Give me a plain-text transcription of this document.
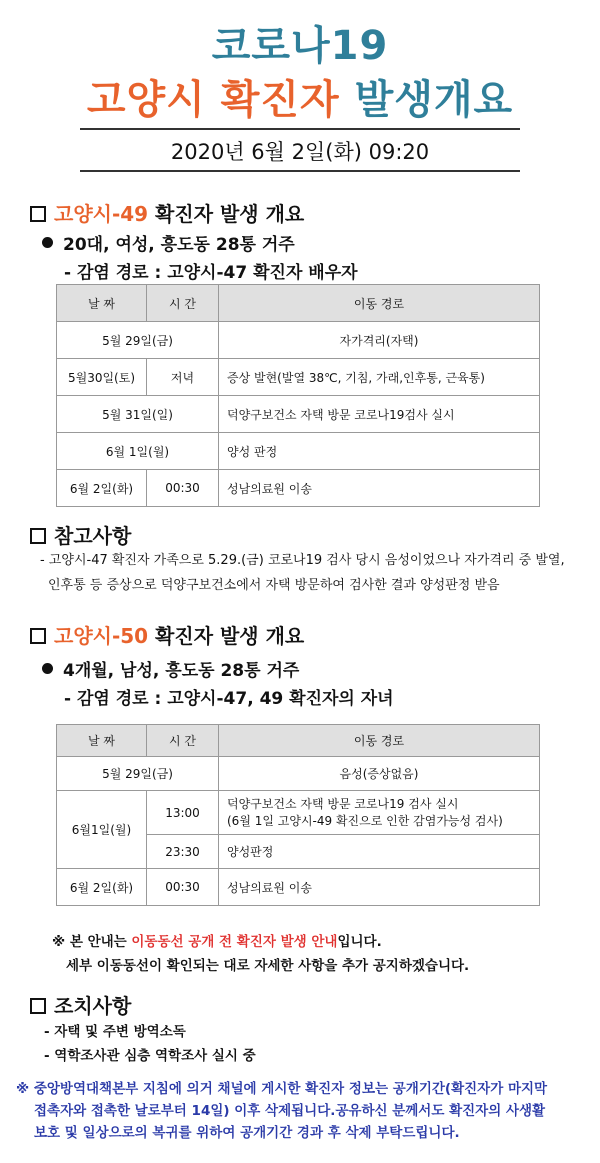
코로나19
고양시 확진자 발생개요
2020년 6월 2일(화) 09:20
고양시-49 확진자 발생 개요
20대, 여성, 흥도동 28통 거주
- 감염 경로 : 고양시-47 확진자 배우자
날 짜	시 간	이동 경로
5월 29일(금)		자가격리(자택)
5월30일(토)	저녁	증상 발현(발열 38℃, 기침, 가래,인후통, 근육통)
5월 31일(일)		덕양구보건소 자택 방문 코로나19검사 실시
6월 1일(월)		양성 판정
6월 2일(화)	00:30	성남의료원 이송
참고사항
- 고양시-47 확진자 가족으로 5.29.(금) 코로나19 검사 당시 음성이었으나 자가격리 중 발열,
인후통 등 증상으로 덕양구보건소에서 자택 방문하여 검사한 결과 양성판정 받음
고양시-50 확진자 발생 개요
4개월, 남성, 흥도동 28통 거주
- 감염 경로 : 고양시-47, 49 확진자의 자녀
날 짜	시 간	이동 경로
5월 29일(금)		음성(증상없음)
6월1일(월)	13:00	덕양구보건소 자택 방문 코로나19 검사 실시
(6월 1일 고양시-49 확진으로 인한 감염가능성 검사)

	23:30	양성판정
6월 2일(화)	00:30	성남의료원 이송
※ 본 안내는 이동동선 공개 전 확진자 발생 안내입니다.
세부 이동동선이 확인되는 대로 자세한 사항을 추가 공지하겠습니다.
조치사항
- 자택 및 주변 방역소독
- 역학조사관 심층 역학조사 실시 중
※ 중앙방역대책본부 지침에 의거 채널에 게시한 확진자 정보는 공개기간(확진자가 마지막
접촉자와 접촉한 날로부터 14일) 이후 삭제됩니다.공유하신 분께서도 확진자의 사생활
보호 및 일상으로의 복귀를 위하여 공개기간 경과 후 삭제 부탁드립니다.
